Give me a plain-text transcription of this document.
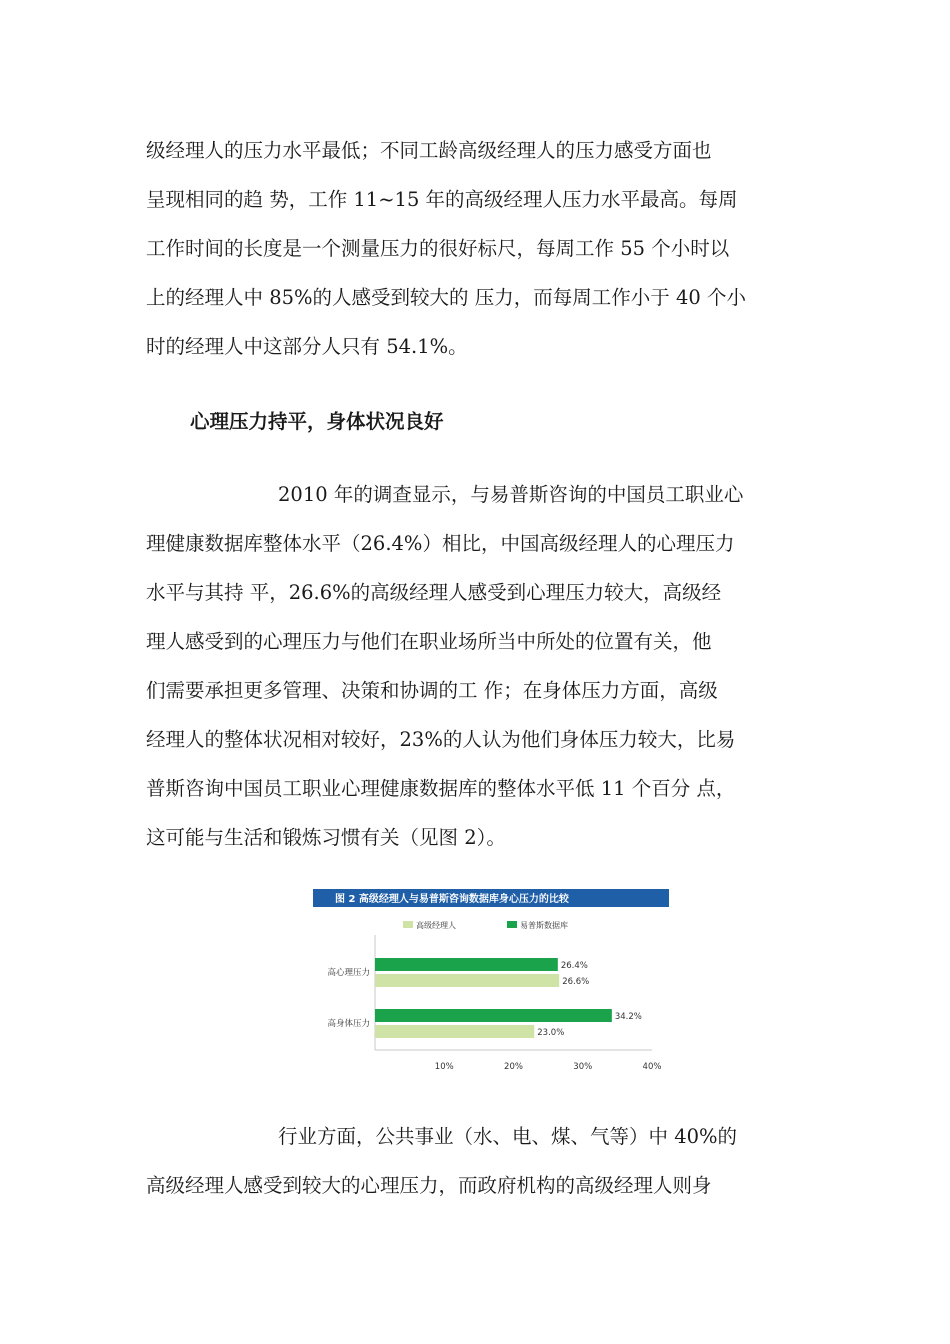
级经理人的压力水平最低；不同工龄高级经理人的压力感受方面也
呈现相同的趋 势，工作 11~15 年的高级经理人压力水平最高。每周
工作时间的长度是一个测量压力的很好标尺，每周工作 55 个小时以
上的经理人中 85%的人感受到较大的 压力，而每周工作小于 40 个小
时的经理人中这部分人只有 54.1%。
心理压力持平，身体状况良好
2010 年的调查显示，与易普斯咨询的中国员工职业心
理健康数据库整体水平（26.4%）相比，中国高级经理人的心理压力
水平与其持 平，26.6%的高级经理人感受到心理压力较大，高级经
理人感受到的心理压力与他们在职业场所当中所处的位置有关，他
们需要承担更多管理、决策和协调的工 作；在身体压力方面，高级
经理人的整体状况相对较好，23%的人认为他们身体压力较大，比易
普斯咨询中国员工职业心理健康数据库的整体水平低 11 个百分 点，
这可能与生活和锻炼习惯有关（见图 2）。
图 2 高级经理人与易普斯咨询数据库身心压力的比较
高级经理人	易普斯数据库
10%	20%	30%	40%
高心理压力
26.4%
26.6%
高身体压力
34.2%
23.0%
行业方面，公共事业（水、电、煤、气等）中 40%的
高级经理人感受到较大的心理压力，而政府机构的高级经理人则身
